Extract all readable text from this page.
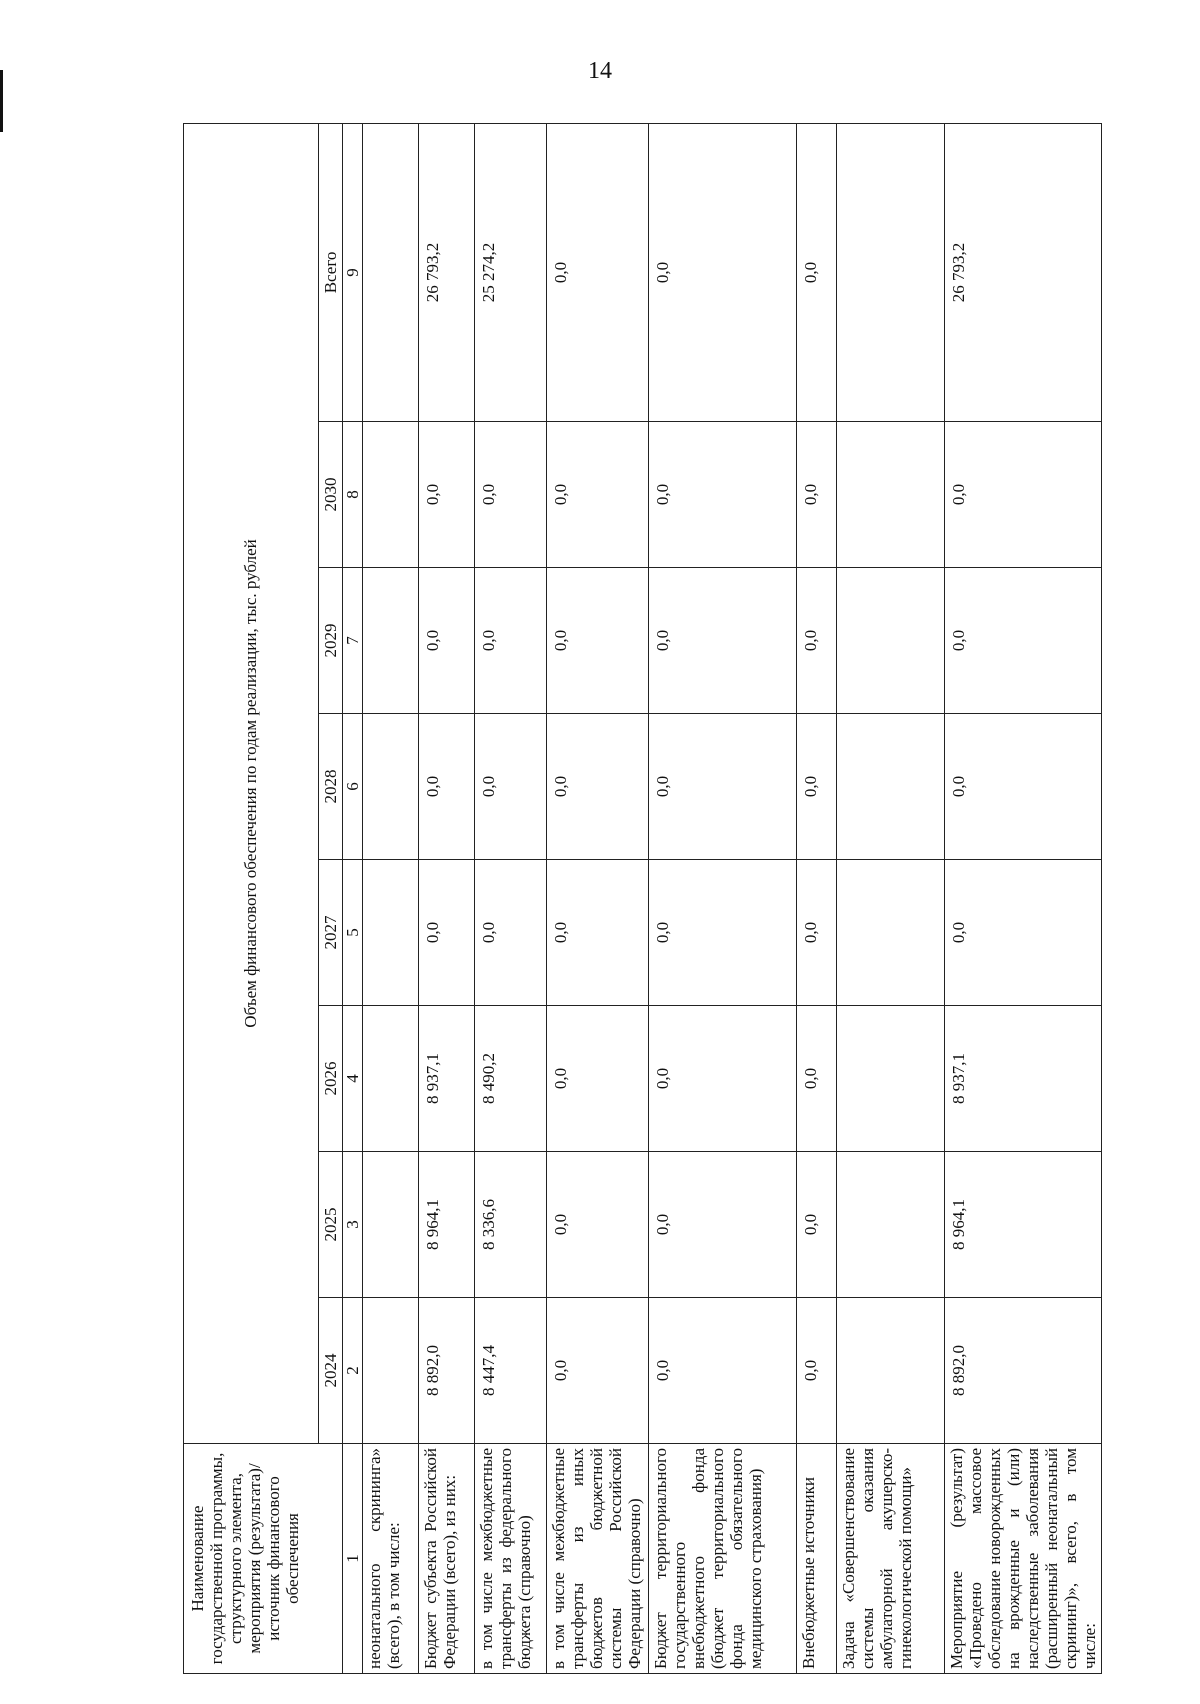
14
Наименование государственной программы, структурного элемента, мероприятия (результата)/источник финансового обеспечения	Объем финансового обеспечения по годам реализации, тыс. рублей							
	2024	2025	2026	2027	2028	2029	2030	Всего
1	2	3	4	5	6	7	8	9
неонатального скрининга» (всего), в том числе:								
Бюджет субъекта Российской Федерации (всего), из них:	8 892,0	8 964,1	8 937,1	0,0	0,0	0,0	0,0	26 793,2
в том числе межбюджетные трансферты из федерального бюджета (справочно)	8 447,4	8 336,6	8 490,2	0,0	0,0	0,0	0,0	25 274,2
в том числе межбюджетные трансферты из иных бюджетов бюджетной системы Российской Федерации (справочно)	0,0	0,0	0,0	0,0	0,0	0,0	0,0	0,0
Бюджет территориального государственного внебюджетного фонда (бюджет территориального фонда обязательного медицинского страхования)	0,0	0,0	0,0	0,0	0,0	0,0	0,0	0,0
Внебюджетные источники	0,0	0,0	0,0	0,0	0,0	0,0	0,0	0,0
Задача «Совершенствование системы оказания амбулаторной акушерско-гинекологической помощи»								
Мероприятие (результат) «Проведено массовое обследование новорожденных на врожденные и (или) наследственные заболевания (расширенный неонатальный скрининг)», всего, в том числе:	8 892,0	8 964,1	8 937,1	0,0	0,0	0,0	0,0	26 793,2
